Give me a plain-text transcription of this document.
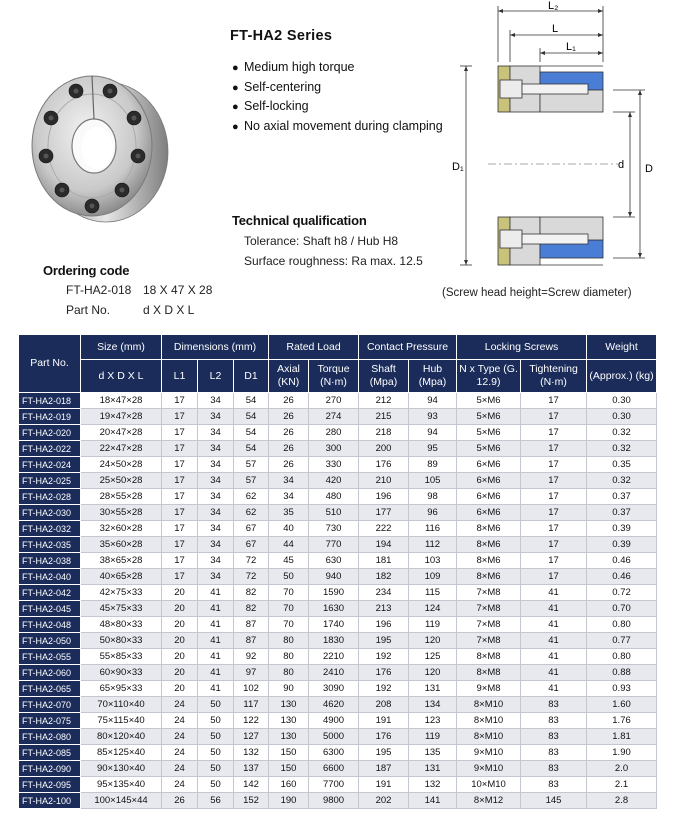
FT-HA2 Series
● Medium high torque
● Self-centering
● Self-locking
● No axial movement during clamping
Technical qualification
Tolerance: Shaft h8 / Hub H8
Surface roughness: Ra max. 12.5
Ordering code
FT-HA2-018 18 X 47 X 28
Part No.	d X D X L
L₂
L
L₁
D₁	d D
(Screw head height=Screw diameter)
Part No.	Size (mm)	Dimensions (mm)			Rated Load		Contact Pressure		Locking Screws		Weight
	d X D X L	L1	L2	D1	Axial (KN)	Torque (N·m)	Shaft (Mpa)	Hub (Mpa)	N x Type (G. 12.9)	Tightening (N·m)	(Approx.) (kg)
FT-HA2-018	18×47×28	17	34	54	26	270	212	94	5×M6	17	0.30
FT-HA2-019	19×47×28	17	34	54	26	274	215	93	5×M6	17	0.30
FT-HA2-020	20×47×28	17	34	54	26	280	218	94	5×M6	17	0.32
FT-HA2-022	22×47×28	17	34	54	26	300	200	95	5×M6	17	0.32
FT-HA2-024	24×50×28	17	34	57	26	330	176	89	6×M6	17	0.35
FT-HA2-025	25×50×28	17	34	57	34	420	210	105	6×M6	17	0.32
FT-HA2-028	28×55×28	17	34	62	34	480	196	98	6×M6	17	0.37
FT-HA2-030	30×55×28	17	34	62	35	510	177	96	6×M6	17	0.37
FT-HA2-032	32×60×28	17	34	67	40	730	222	116	8×M6	17	0.39
FT-HA2-035	35×60×28	17	34	67	44	770	194	112	8×M6	17	0.39
FT-HA2-038	38×65×28	17	34	72	45	630	181	103	8×M6	17	0.46
FT-HA2-040	40×65×28	17	34	72	50	940	182	109	8×M6	17	0.46
FT-HA2-042	42×75×33	20	41	82	70	1590	234	115	7×M8	41	0.72
FT-HA2-045	45×75×33	20	41	82	70	1630	213	124	7×M8	41	0.70
FT-HA2-048	48×80×33	20	41	87	70	1740	196	119	7×M8	41	0.80
FT-HA2-050	50×80×33	20	41	87	80	1830	195	120	7×M8	41	0.77
FT-HA2-055	55×85×33	20	41	92	80	2210	192	125	8×M8	41	0.80
FT-HA2-060	60×90×33	20	41	97	80	2410	176	120	8×M8	41	0.88
FT-HA2-065	65×95×33	20	41	102	90	3090	192	131	9×M8	41	0.93
FT-HA2-070	70×110×40	24	50	117	130	4620	208	134	8×M10	83	1.60
FT-HA2-075	75×115×40	24	50	122	130	4900	191	123	8×M10	83	1.76
FT-HA2-080	80×120×40	24	50	127	130	5000	176	119	8×M10	83	1.81
FT-HA2-085	85×125×40	24	50	132	150	6300	195	135	9×M10	83	1.90
FT-HA2-090	90×130×40	24	50	137	150	6600	187	131	9×M10	83	2.0
FT-HA2-095	95×135×40	24	50	142	160	7700	191	132	10×M10	83	2.1
FT-HA2-100	100×145×44	26	56	152	190	9800	202	141	8×M12	145	2.8
